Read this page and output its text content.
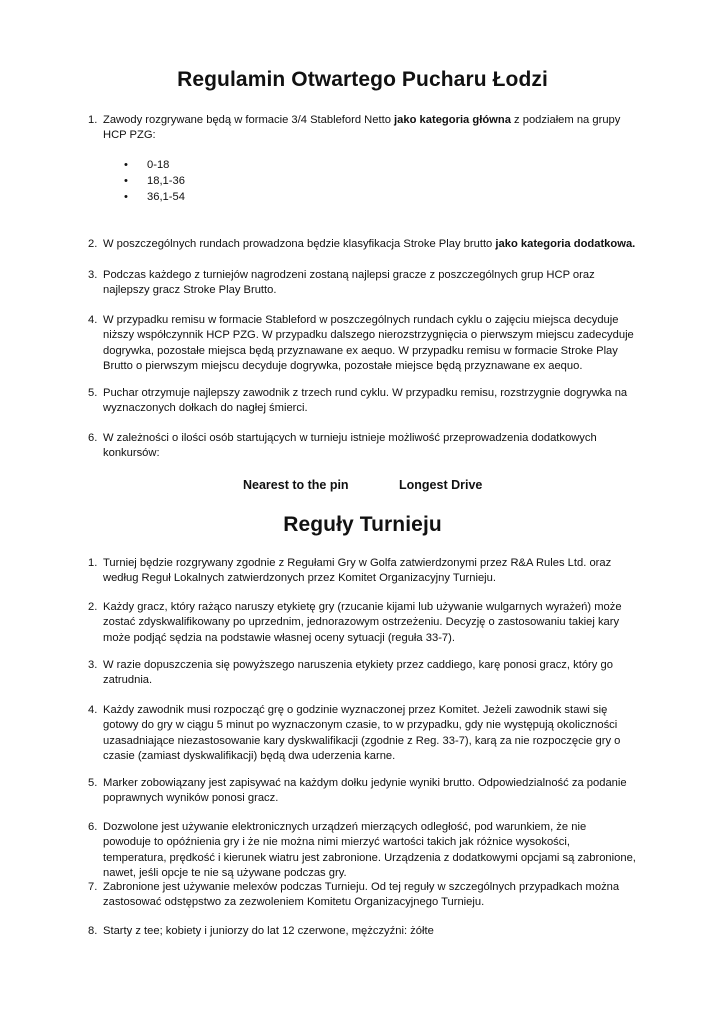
Regulamin Otwartego Pucharu Łodzi
1. Zawody rozgrywane będą w formacie 3/4 Stableford Netto jako kategoria główna z podziałem na grupy HCP PZG:
• 0-18
• 18,1-36
• 36,1-54
2. W poszczególnych rundach prowadzona będzie klasyfikacja Stroke Play brutto jako kategoria dodatkowa.
3. Podczas każdego z turniejów nagrodzeni zostaną najlepsi gracze z poszczególnych grup HCP oraz najlepszy gracz Stroke Play Brutto.
4. W przypadku remisu w formacie Stableford w poszczególnych rundach cyklu o zajęciu miejsca decyduje niższy współczynnik HCP PZG. W przypadku dalszego nierozstrzygnięcia o pierwszym miejscu zadecyduje dogrywka, pozostałe miejsca będą przyznawane ex aequo. W przypadku remisu w formacie Stroke Play Brutto o pierwszym miejscu decyduje dogrywka, pozostałe miejsce będą przyznawane ex aequo.
5. Puchar otrzymuje najlepszy zawodnik z trzech rund cyklu. W przypadku remisu, rozstrzygnie dogrywka na wyznaczonych dołkach do nagłej śmierci.
6. W zależności o ilości osób startujących w turnieju istnieje możliwość przeprowadzenia dodatkowych konkursów:
Nearest to the pin	Longest Drive
Reguły Turnieju
1. Turniej będzie rozgrywany zgodnie z Regułami Gry w Golfa zatwierdzonymi przez R&A Rules Ltd. oraz według Reguł Lokalnych zatwierdzonych przez Komitet Organizacyjny Turnieju.
2. Każdy gracz, który rażąco naruszy etykietę gry (rzucanie kijami lub używanie wulgarnych wyrażeń) może zostać zdyskwalifikowany po uprzednim, jednorazowym ostrzeżeniu. Decyzję o zastosowaniu takiej kary może podjąć sędzia na podstawie własnej oceny sytuacji (reguła 33-7).
3. W razie dopuszczenia się powyższego naruszenia etykiety przez caddiego, karę ponosi gracz, który go zatrudnia.
4. Każdy zawodnik musi rozpocząć grę o godzinie wyznaczonej przez Komitet. Jeżeli zawodnik stawi się gotowy do gry w ciągu 5 minut po wyznaczonym czasie, to w przypadku, gdy nie występują okoliczności uzasadniające niezastosowanie kary dyskwalifikacji (zgodnie z Reg. 33-7), karą za nie rozpoczęcie gry o czasie (zamiast dyskwalifikacji) będą dwa uderzenia karne.
5. Marker zobowiązany jest zapisywać na każdym dołku jedynie wyniki brutto. Odpowiedzialność za podanie poprawnych wyników ponosi gracz.
6. Dozwolone jest używanie elektronicznych urządzeń mierzących odległość, pod warunkiem, że nie powoduje to opóźnienia gry i że nie można nimi mierzyć wartości takich jak różnice wysokości, temperatura, prędkość i kierunek wiatru jest zabronione. Urządzenia z dodatkowymi opcjami są zabronione, nawet, jeśli opcje te nie są używane podczas gry.
7. Zabronione jest używanie melexów podczas Turnieju. Od tej reguły w szczególnych przypadkach można zastosować odstępstwo za zezwoleniem Komitetu Organizacyjnego Turnieju.
8. Starty z tee; kobiety i juniorzy do lat 12 czerwone, mężczyźni: żółte
